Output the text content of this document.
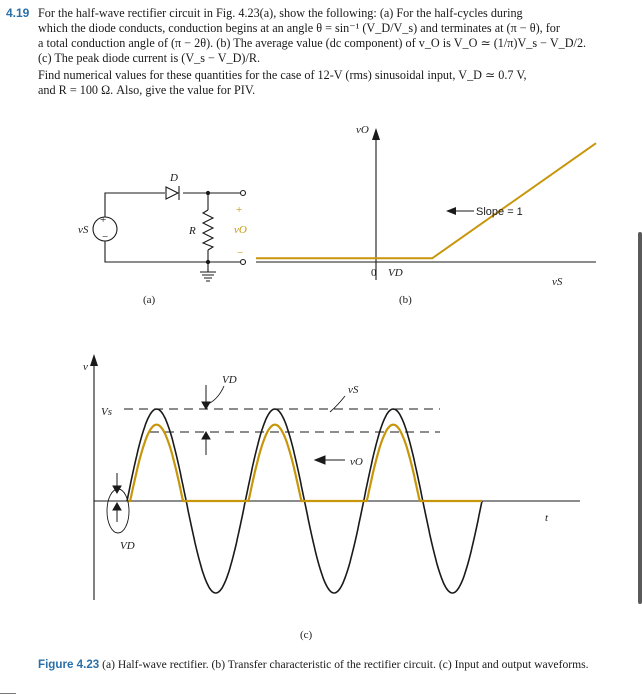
4.19 For the half-wave rectifier circuit in Fig. 4.23(a), show the following: (a) For the half-cycles during
which the diode conducts, conduction begins at an angle θ = sin⁻¹ (V_D/V_s) and terminates at (π − θ), for
a total conduction angle of (π − 2θ). (b) The average value (dc component) of v_O is V_O ≃ (1/π)V_s − V_D/2.
(c) The peak diode current is (V_s − V_D)/R.
Find numerical values for these quantities for the case of 12-V (rms) sinusoidal input, V_D ≃ 0.7 V,
and R = 100 Ω. Also, give the value for PIV.
+
−
vS
D
R
+
vO
−
(a)
vO
vS
0 VD
Slope = 1
(b)
v
t
Vs
VD
VD
vS
vO
(c)
Figure 4.23 (a) Half-wave rectifier. (b) Transfer characteristic of the rectifier circuit. (c) Input and output waveforms.
